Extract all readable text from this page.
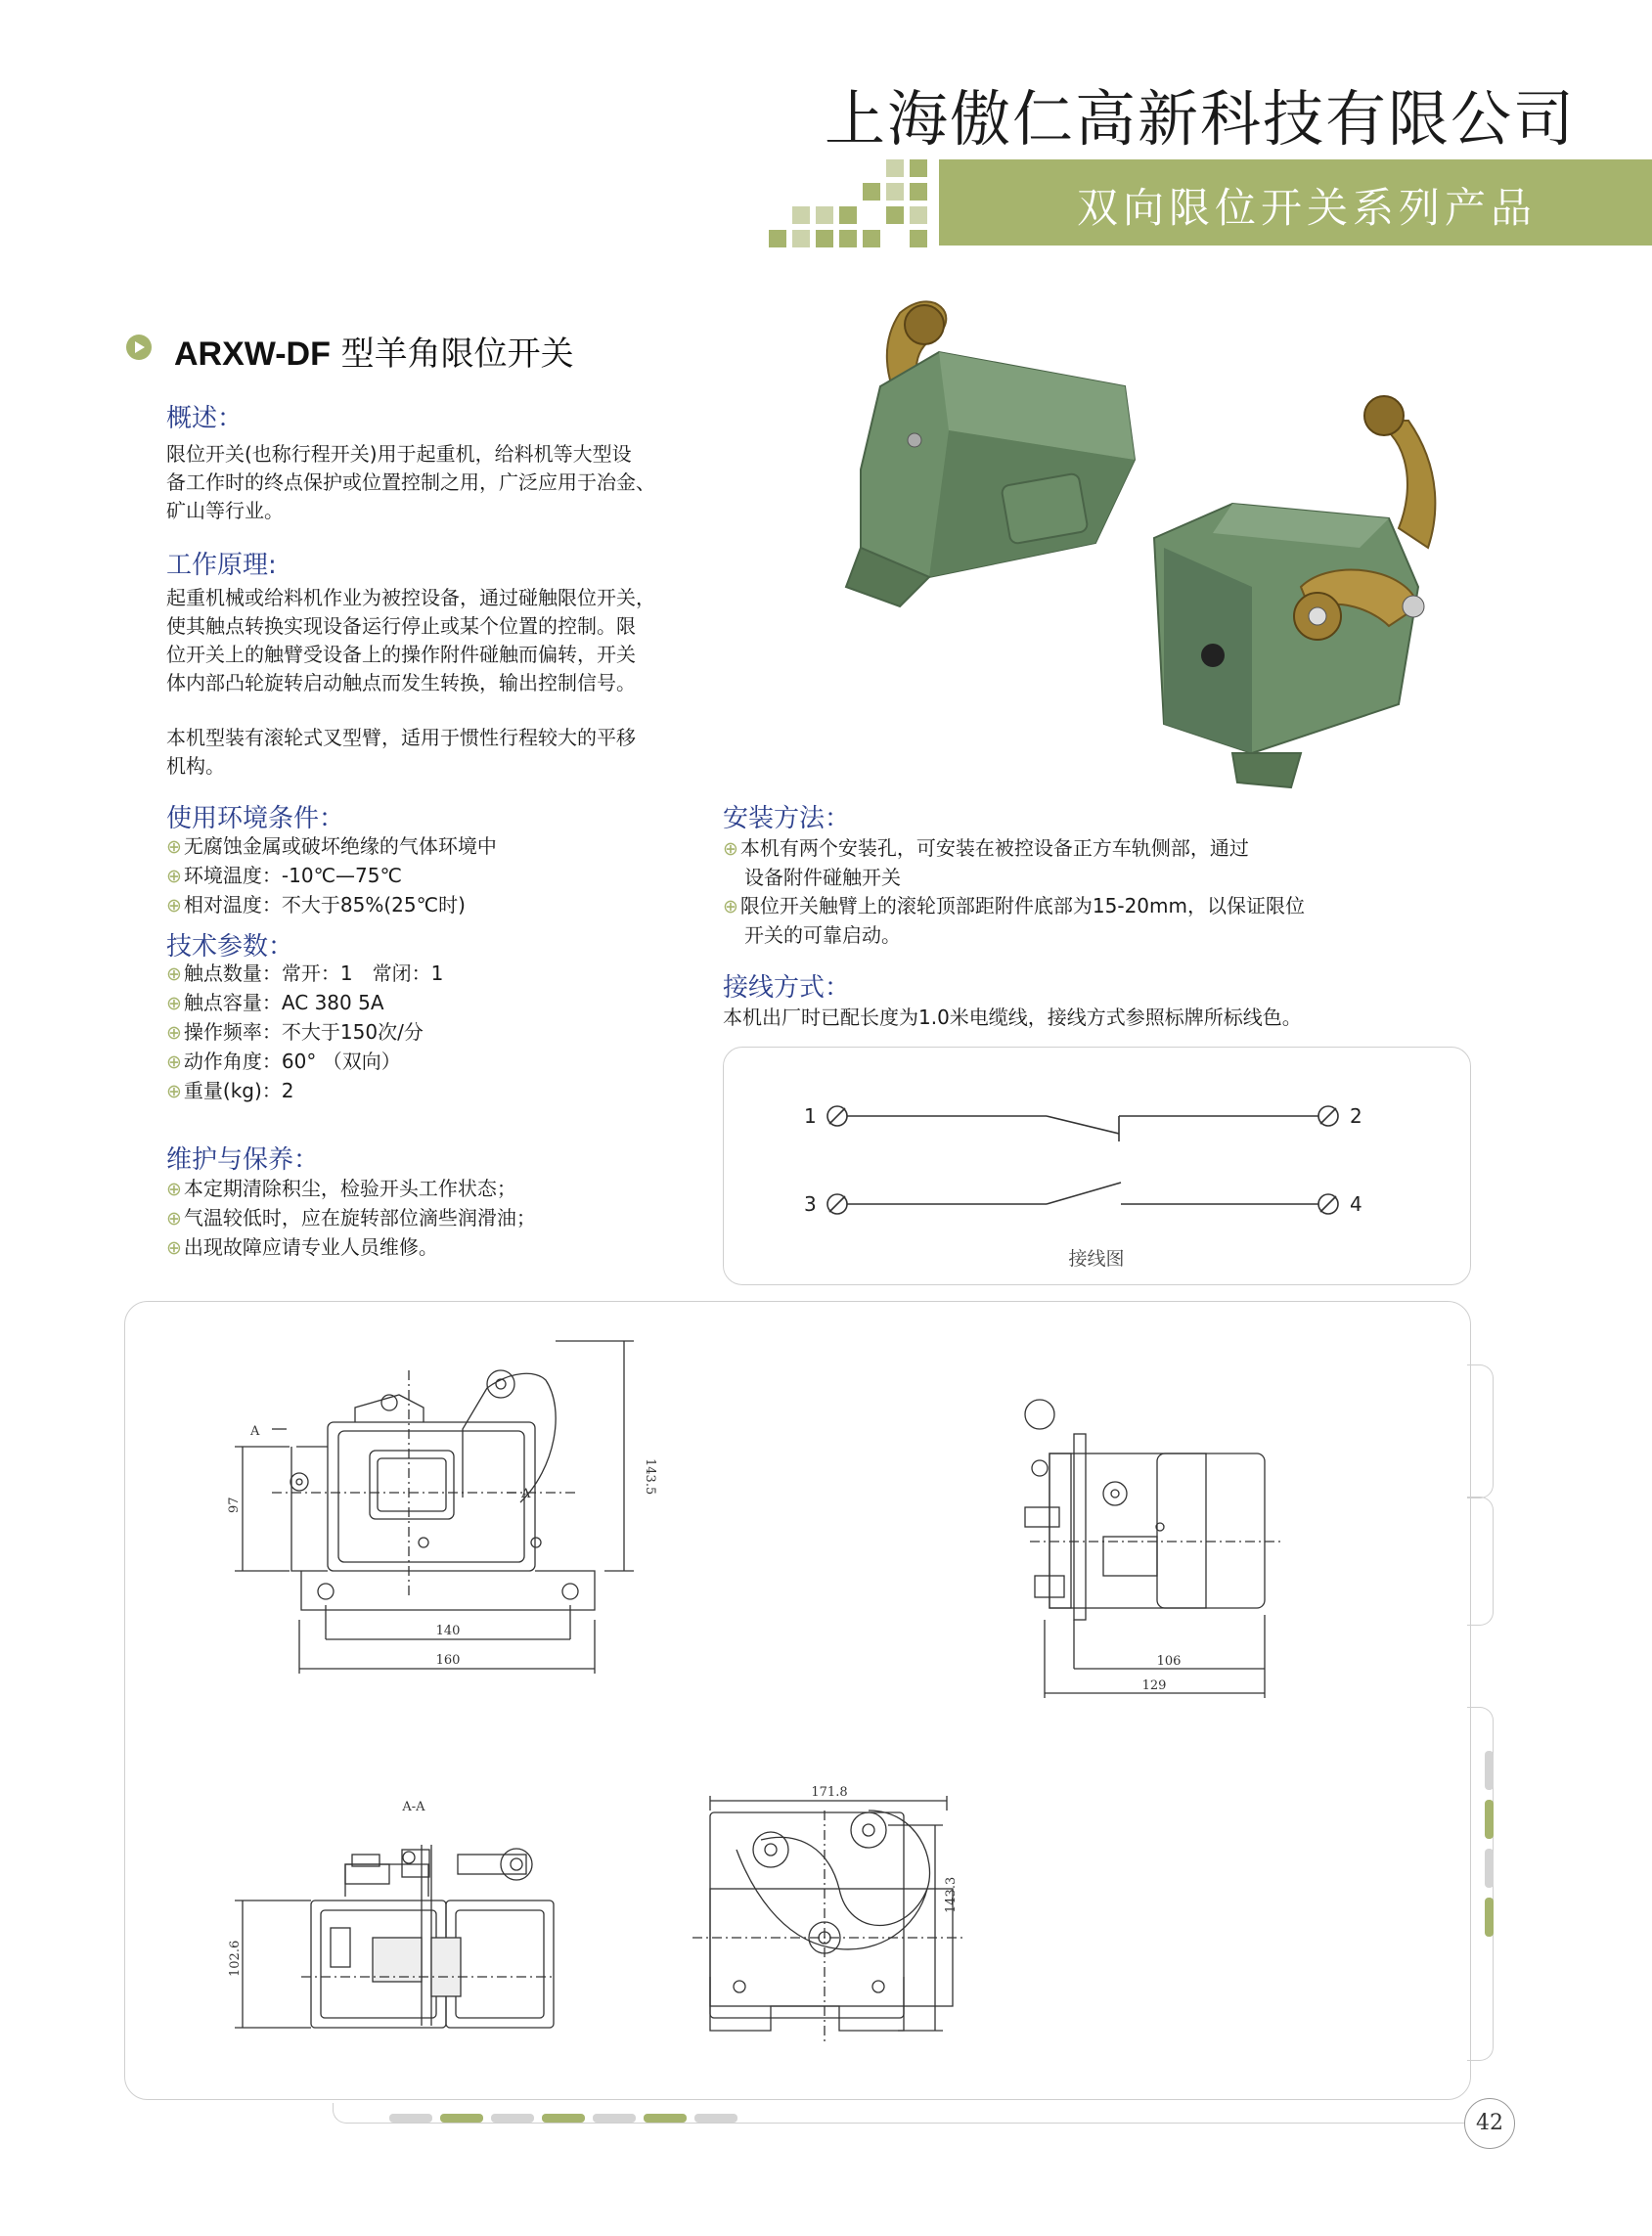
上海傲仁高新科技有限公司
双向限位开关系列产品
ARXW-DF 型羊角限位开关
概述：
限位开关(也称行程开关)用于起重机，给料机等大型设
备工作时的终点保护或位置控制之用，广泛应用于冶金、
矿山等行业。
工作原理:
起重机械或给料机作业为被控设备，通过碰触限位开关，
使其触点转换实现设备运行停止或某个位置的控制。限
位开关上的触臂受设备上的操作附件碰触而偏转，开关
体内部凸轮旋转启动触点而发生转换，输出控制信号。
本机型装有滚轮式叉型臂，适用于惯性行程较大的平移
机构。
使用环境条件：
⊕ 无腐蚀金属或破坏绝缘的气体环境中
⊕ 环境温度：-10℃—75℃
⊕ 相对温度：不大于85%(25℃时)
技术参数：
⊕ 触点数量：常开：1　常闭：1
⊕ 触点容量：AC 380 5A
⊕ 操作频率：不大于150次/分
⊕ 动作角度：60° （双向）
⊕ 重量(kg)：2
维护与保养：
⊕ 本定期清除积尘，检验开头工作状态；
⊕ 气温较低时，应在旋转部位滴些润滑油；
⊕ 出现故障应请专业人员维修。
安装方法：
⊕ 本机有两个安装孔，可安装在被控设备正方车轨侧部，通过
设备附件碰触开关
⊕ 限位开关触臂上的滚轮顶部距附件底部为15-20mm，以保证限位
开关的可靠启动。
接线方式：
本机出厂时已配长度为1.0米电缆线，接线方式参照标牌所标线色。
1	2
3	4
接线图
97
143.5
140
160
A
A
106
129
A-A
102.6
171.8
143.3
42
